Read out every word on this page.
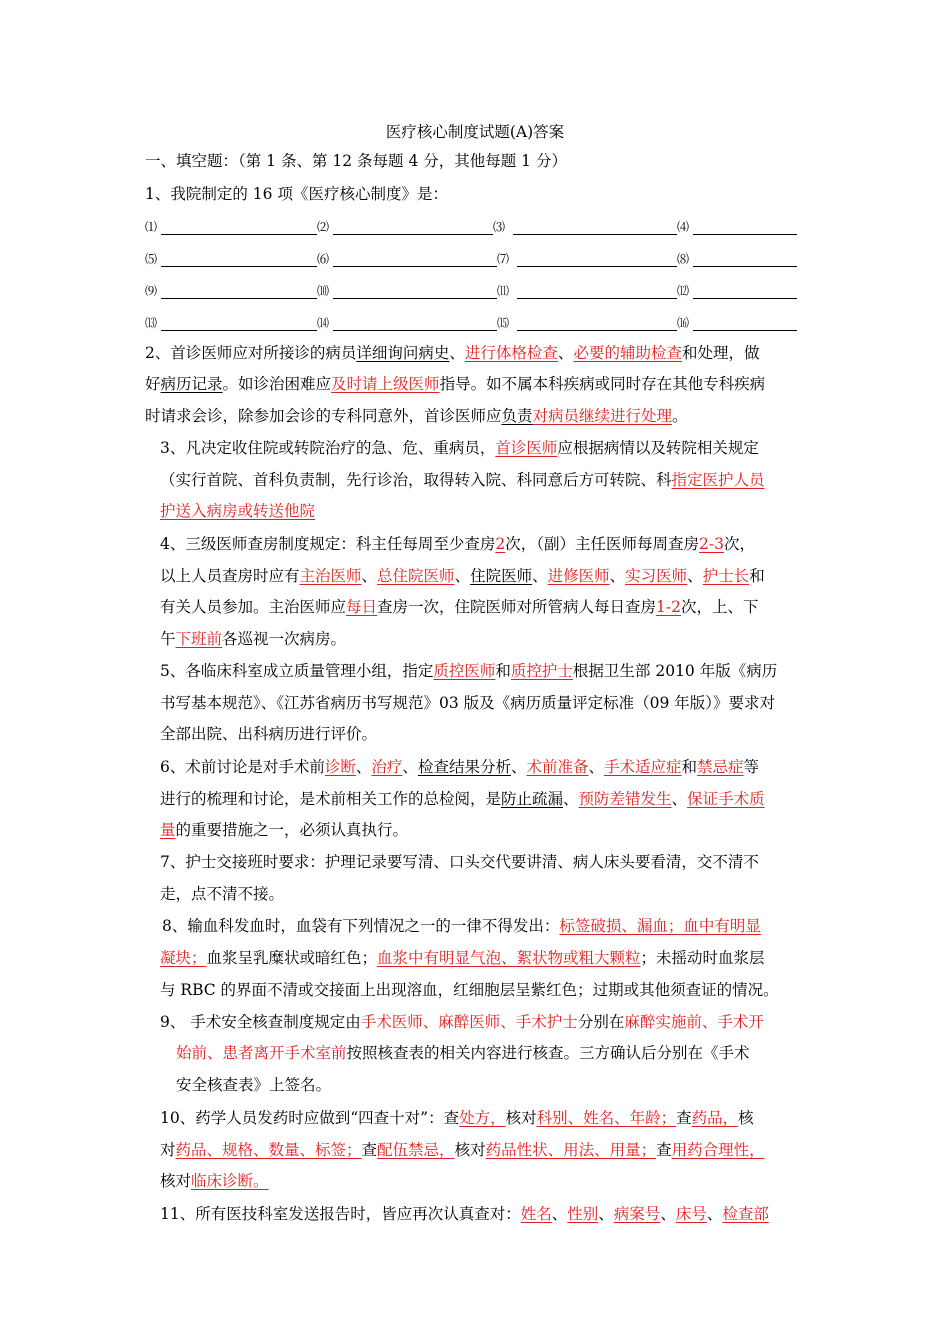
医疗核心制度试题(A)答案
一、填空题：（第 1 条、第 12 条每题 4 分，其他每题 1 分）
1、我院制定的 16 项《医疗核心制度》是：
⑴	⑵	⑶	⑷
⑸	⑹	⑺	⑻
⑼	⑽	⑾	⑿
⒀	⒁	⒂	⒃
2、首诊医师应对所接诊的病员详细询问病史、进行体格检查、必要的辅助检查和处理，做
好病历记录。如诊治困难应及时请上级医师指导。如不属本科疾病或同时存在其他专科疾病
时请求会诊，除参加会诊的专科同意外，首诊医师应负责对病员继续进行处理。
3、凡决定收住院或转院治疗的急、危、重病员，首诊医师应根据病情以及转院相关规定
（实行首院、首科负责制，先行诊治，取得转入院、科同意后方可转院、科指定医护人员
护送入病房或转送他院
4、三级医师查房制度规定：科主任每周至少查房2次，（副）主任医师每周查房2-3次，
以上人员查房时应有主治医师、总住院医师、住院医师、进修医师、实习医师、护士长和
有关人员参加。主治医师应每日查房一次，住院医师对所管病人每日查房1-2次，上、下
午下班前各巡视一次病房。
5、各临床科室成立质量管理小组，指定质控医师和质控护士根据卫生部 2010 年版《病历
书写基本规范》、《江苏省病历书写规范》03 版及《病历质量评定标准（09 年版）》要求对
全部出院、出科病历进行评价。
6、术前讨论是对手术前诊断、治疗、检查结果分析、术前准备、手术适应症和禁忌症等
进行的梳理和讨论，是术前相关工作的总检阅，是防止疏漏、预防差错发生、保证手术质
量的重要措施之一，必须认真执行。
7、护士交接班时要求：护理记录要写清、口头交代要讲清、病人床头要看清，交不清不
走，点不清不接。
8、输血科发血时，血袋有下列情况之一的一律不得发出：标签破损、漏血；血中有明显
凝块；血浆呈乳糜状或暗红色；血浆中有明显气泡、絮状物或粗大颗粒；未摇动时血浆层
与 RBC 的界面不清或交接面上出现溶血，红细胞层呈紫红色；过期或其他须查证的情况。
9、 手术安全核查制度规定由手术医师、麻醉医师、手术护士分别在麻醉实施前、手术开
始前、患者离开手术室前按照核查表的相关内容进行核查。三方确认后分别在《手术
安全核查表》上签名。
10、药学人员发药时应做到“四查十对”：查处方，核对科别、姓名、年龄；查药品，核
对药品、规格、数量、标签；查配伍禁忌，核对药品性状、用法、用量；查用药合理性，
核对临床诊断。
11、所有医技科室发送报告时，皆应再次认真查对：姓名、性别、病案号、床号、检查部
